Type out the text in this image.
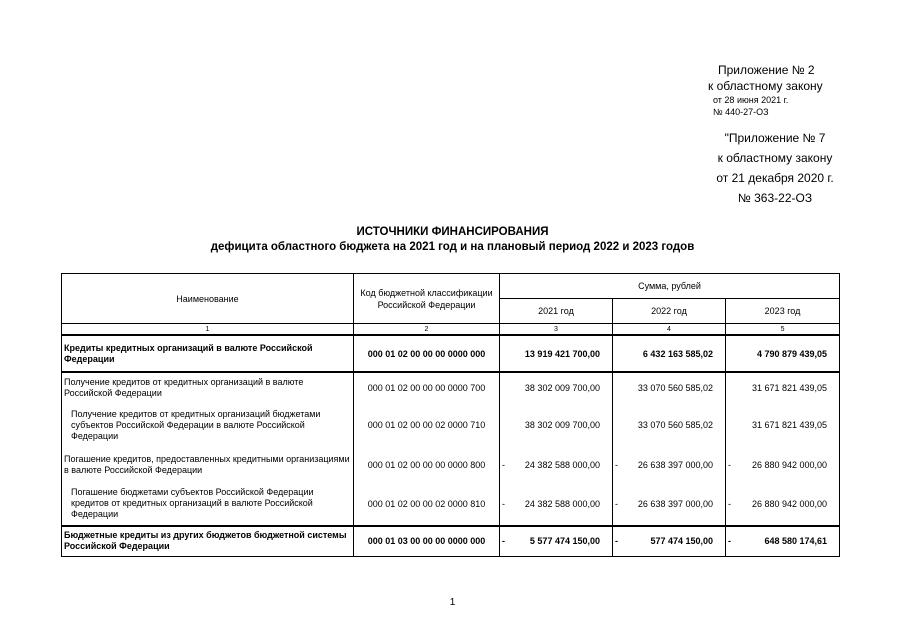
Приложение № 2
к областному закону
от 28 июня 2021 г.
№ 440-27-ОЗ
"Приложение № 7
к областному закону
от 21 декабря 2020 г.
№ 363-22-ОЗ
ИСТОЧНИКИ ФИНАНСИРОВАНИЯ
дефицита областного бюджета на 2021 год и на плановый период 2022 и 2023 годов
Наименование	Код бюджетной классификации Российской Федерации	Сумма, рублей		
		2021 год	2022 год	2023 год
1	2	3	4	5
Кредиты кредитных организаций в валюте Российской Федерации	000 01 02 00 00 00 0000 000	13 919 421 700,00	6 432 163 585,02	4 790 879 439,05

Получение кредитов от кредитных организаций в валюте Российской Федерации	000 01 02 00 00 00 0000 700	38 302 009 700,00	33 070 560 585,02	31 671 821 439,05

Получение кредитов от кредитных организаций бюджетами субъектов Российской Федерации в валюте Российской Федерации	000 01 02 00 00 02 0000 710	38 302 009 700,00	33 070 560 585,02	31 671 821 439,05

Погашение кредитов, предоставленных кредитными организациями в валюте Российской Федерации	000 01 02 00 00 00 0000 800	- 24 382 588 000,00	- 26 638 397 000,00	- 26 880 942 000,00

Погашение бюджетами субъектов Российской Федерации кредитов от кредитных организаций в валюте Российской Федерации	000 01 02 00 00 02 0000 810	- 24 382 588 000,00	- 26 638 397 000,00	- 26 880 942 000,00

Бюджетные кредиты из других бюджетов бюджетной системы Российской Федерации	000 01 03 00 00 00 0000 000	- 5 577 474 150,00	- 577 474 150,00	- 648 580 174,61
1
